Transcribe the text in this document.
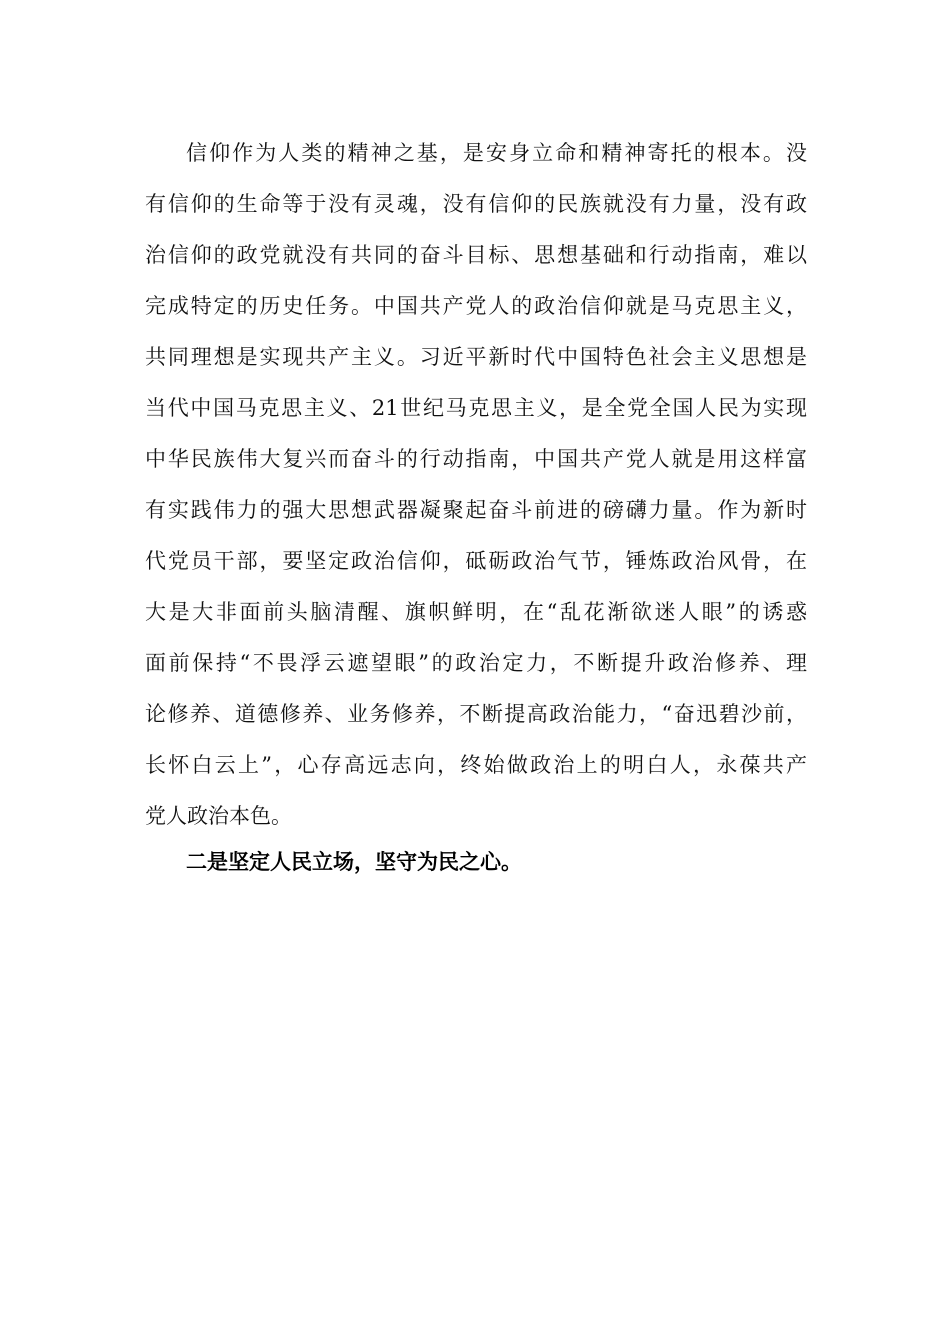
信仰作为人类的精神之基，是安身立命和精神寄托的根本。没
有信仰的生命等于没有灵魂，没有信仰的民族就没有力量，没有政
治信仰的政党就没有共同的奋斗目标、思想基础和行动指南，难以
完成特定的历史任务。中国共产党人的政治信仰就是马克思主义，
共同理想是实现共产主义。习近平新时代中国特色社会主义思想是
当代中国马克思主义、21世纪马克思主义，是全党全国人民为实现
中华民族伟大复兴而奋斗的行动指南，中国共产党人就是用这样富
有实践伟力的强大思想武器凝聚起奋斗前进的磅礴力量。作为新时
代党员干部，要坚定政治信仰，砥砺政治气节，锤炼政治风骨，在
大是大非面前头脑清醒、旗帜鲜明，在“乱花渐欲迷人眼”的诱惑
面前保持“不畏浮云遮望眼”的政治定力，不断提升政治修养、理
论修养、道德修养、业务修养，不断提高政治能力，“奋迅碧沙前，
长怀白云上”，心存高远志向，终始做政治上的明白人，永葆共产
党人政治本色。
二是坚定人民立场，坚守为民之心。
